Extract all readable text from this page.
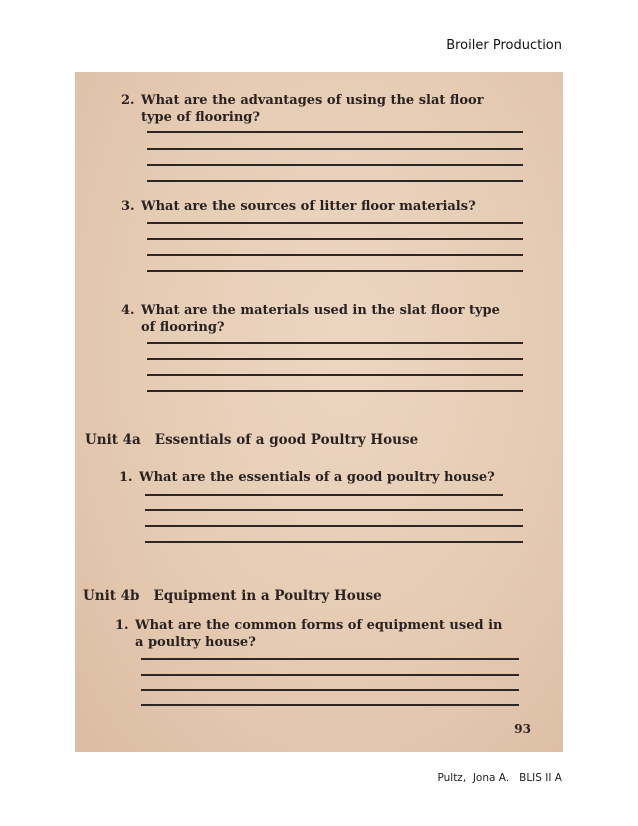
Broiler Production
2. What are the advantages of using the slat floor
type of flooring?
3. What are the sources of litter floor materials?
4. What are the materials used in the slat floor type
of flooring?
Unit 4a Essentials of a good Poultry House
1. What are the essentials of a good poultry house?
Unit 4b Equipment in a Poultry House
1. What are the common forms of equipment used in
a poultry house?
93
Pultz,  Jona A.   BLIS II A
